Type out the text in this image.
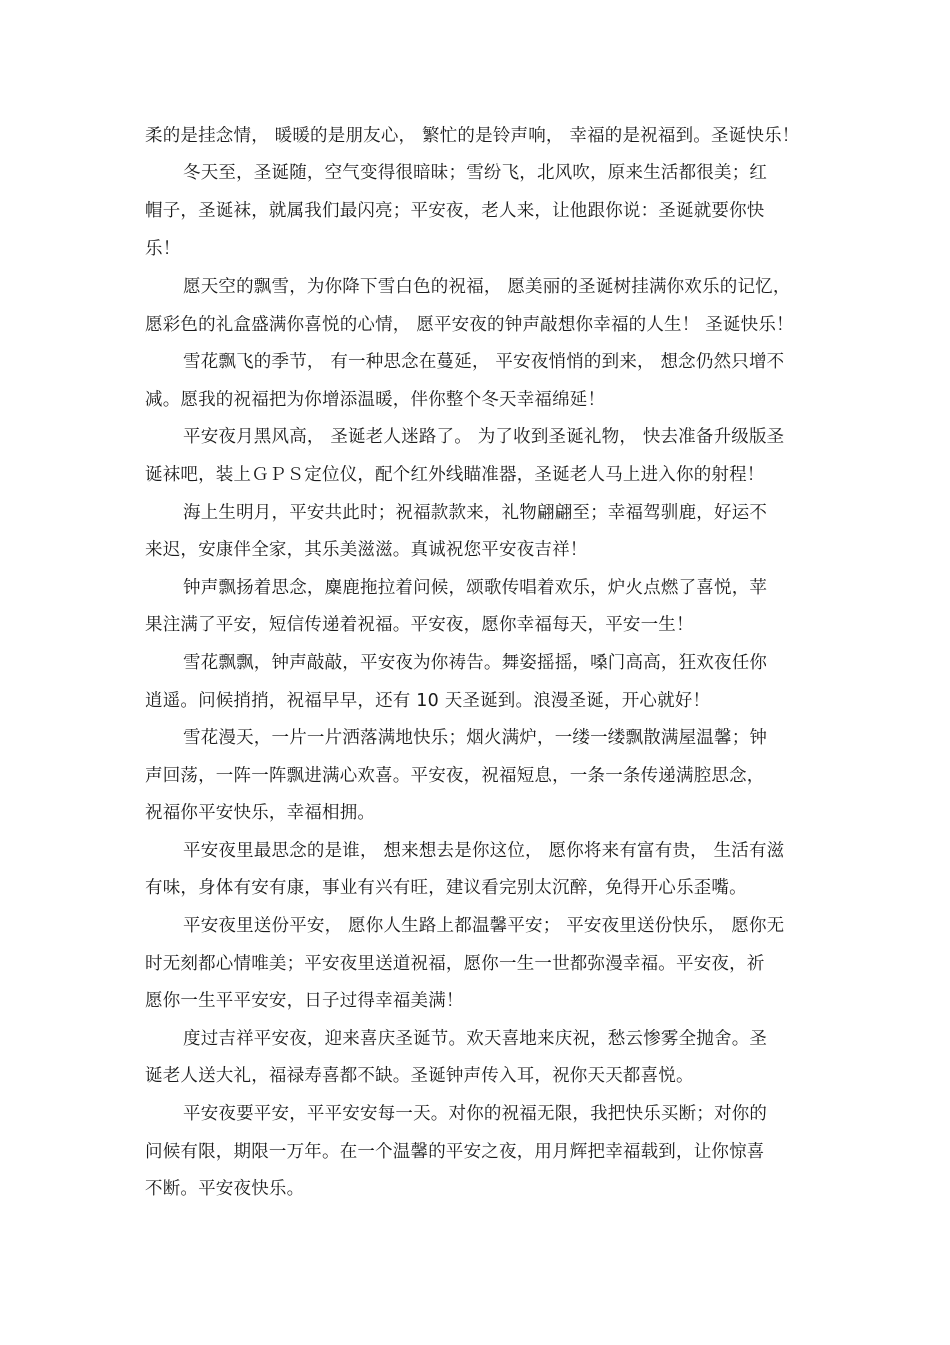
柔的是挂念情， 暖暖的是朋友心， 繁忙的是铃声响， 幸福的是祝福到。圣诞快乐！

冬天至，圣诞随，空气变得很暗昧；雪纷飞，北风吹，原来生活都很美；红

帽子，圣诞袜，就属我们最闪亮；平安夜，老人来，让他跟你说：圣诞就要你快

乐！

愿天空的飘雪，为你降下雪白色的祝福， 愿美丽的圣诞树挂满你欢乐的记忆，

愿彩色的礼盒盛满你喜悦的心情， 愿平安夜的钟声敲想你幸福的人生！ 圣诞快乐！

雪花飘飞的季节， 有一种思念在蔓延， 平安夜悄悄的到来， 想念仍然只增不

减。愿我的祝福把为你增添温暖，伴你整个冬天幸福绵延！

平安夜月黑风高， 圣诞老人迷路了。 为了收到圣诞礼物， 快去准备升级版圣

诞袜吧，装上ＧＰＳ定位仪，配个红外线瞄准器，圣诞老人马上进入你的射程！

海上生明月，平安共此时；祝福款款来，礼物翩翩至；幸福驾驯鹿，好运不

来迟，安康伴全家，其乐美滋滋。真诚祝您平安夜吉祥！

钟声飘扬着思念，麋鹿拖拉着问候，颂歌传唱着欢乐，炉火点燃了喜悦，苹

果注满了平安，短信传递着祝福。平安夜，愿你幸福每天，平安一生！

雪花飘飘，钟声敲敲，平安夜为你祷告。舞姿摇摇，嗓门高高，狂欢夜任你

逍遥。问候捎捎，祝福早早，还有 10 天圣诞到。浪漫圣诞，开心就好！

雪花漫天，一片一片洒落满地快乐；烟火满炉，一缕一缕飘散满屋温馨；钟

声回荡，一阵一阵飘进满心欢喜。平安夜，祝福短息，一条一条传递满腔思念，

祝福你平安快乐，幸福相拥。

平安夜里最思念的是谁， 想来想去是你这位， 愿你将来有富有贵， 生活有滋

有味，身体有安有康，事业有兴有旺，建议看完别太沉醉，免得开心乐歪嘴。

平安夜里送份平安， 愿你人生路上都温馨平安； 平安夜里送份快乐， 愿你无

时无刻都心情唯美；平安夜里送道祝福，愿你一生一世都弥漫幸福。平安夜，祈

愿你一生平平安安，日子过得幸福美满！

度过吉祥平安夜，迎来喜庆圣诞节。欢天喜地来庆祝，愁云惨雾全抛舍。圣

诞老人送大礼，福禄寿喜都不缺。圣诞钟声传入耳，祝你天天都喜悦。

平安夜要平安，平平安安每一天。对你的祝福无限，我把快乐买断；对你的

问候有限，期限一万年。在一个温馨的平安之夜，用月辉把幸福载到，让你惊喜

不断。平安夜快乐。
